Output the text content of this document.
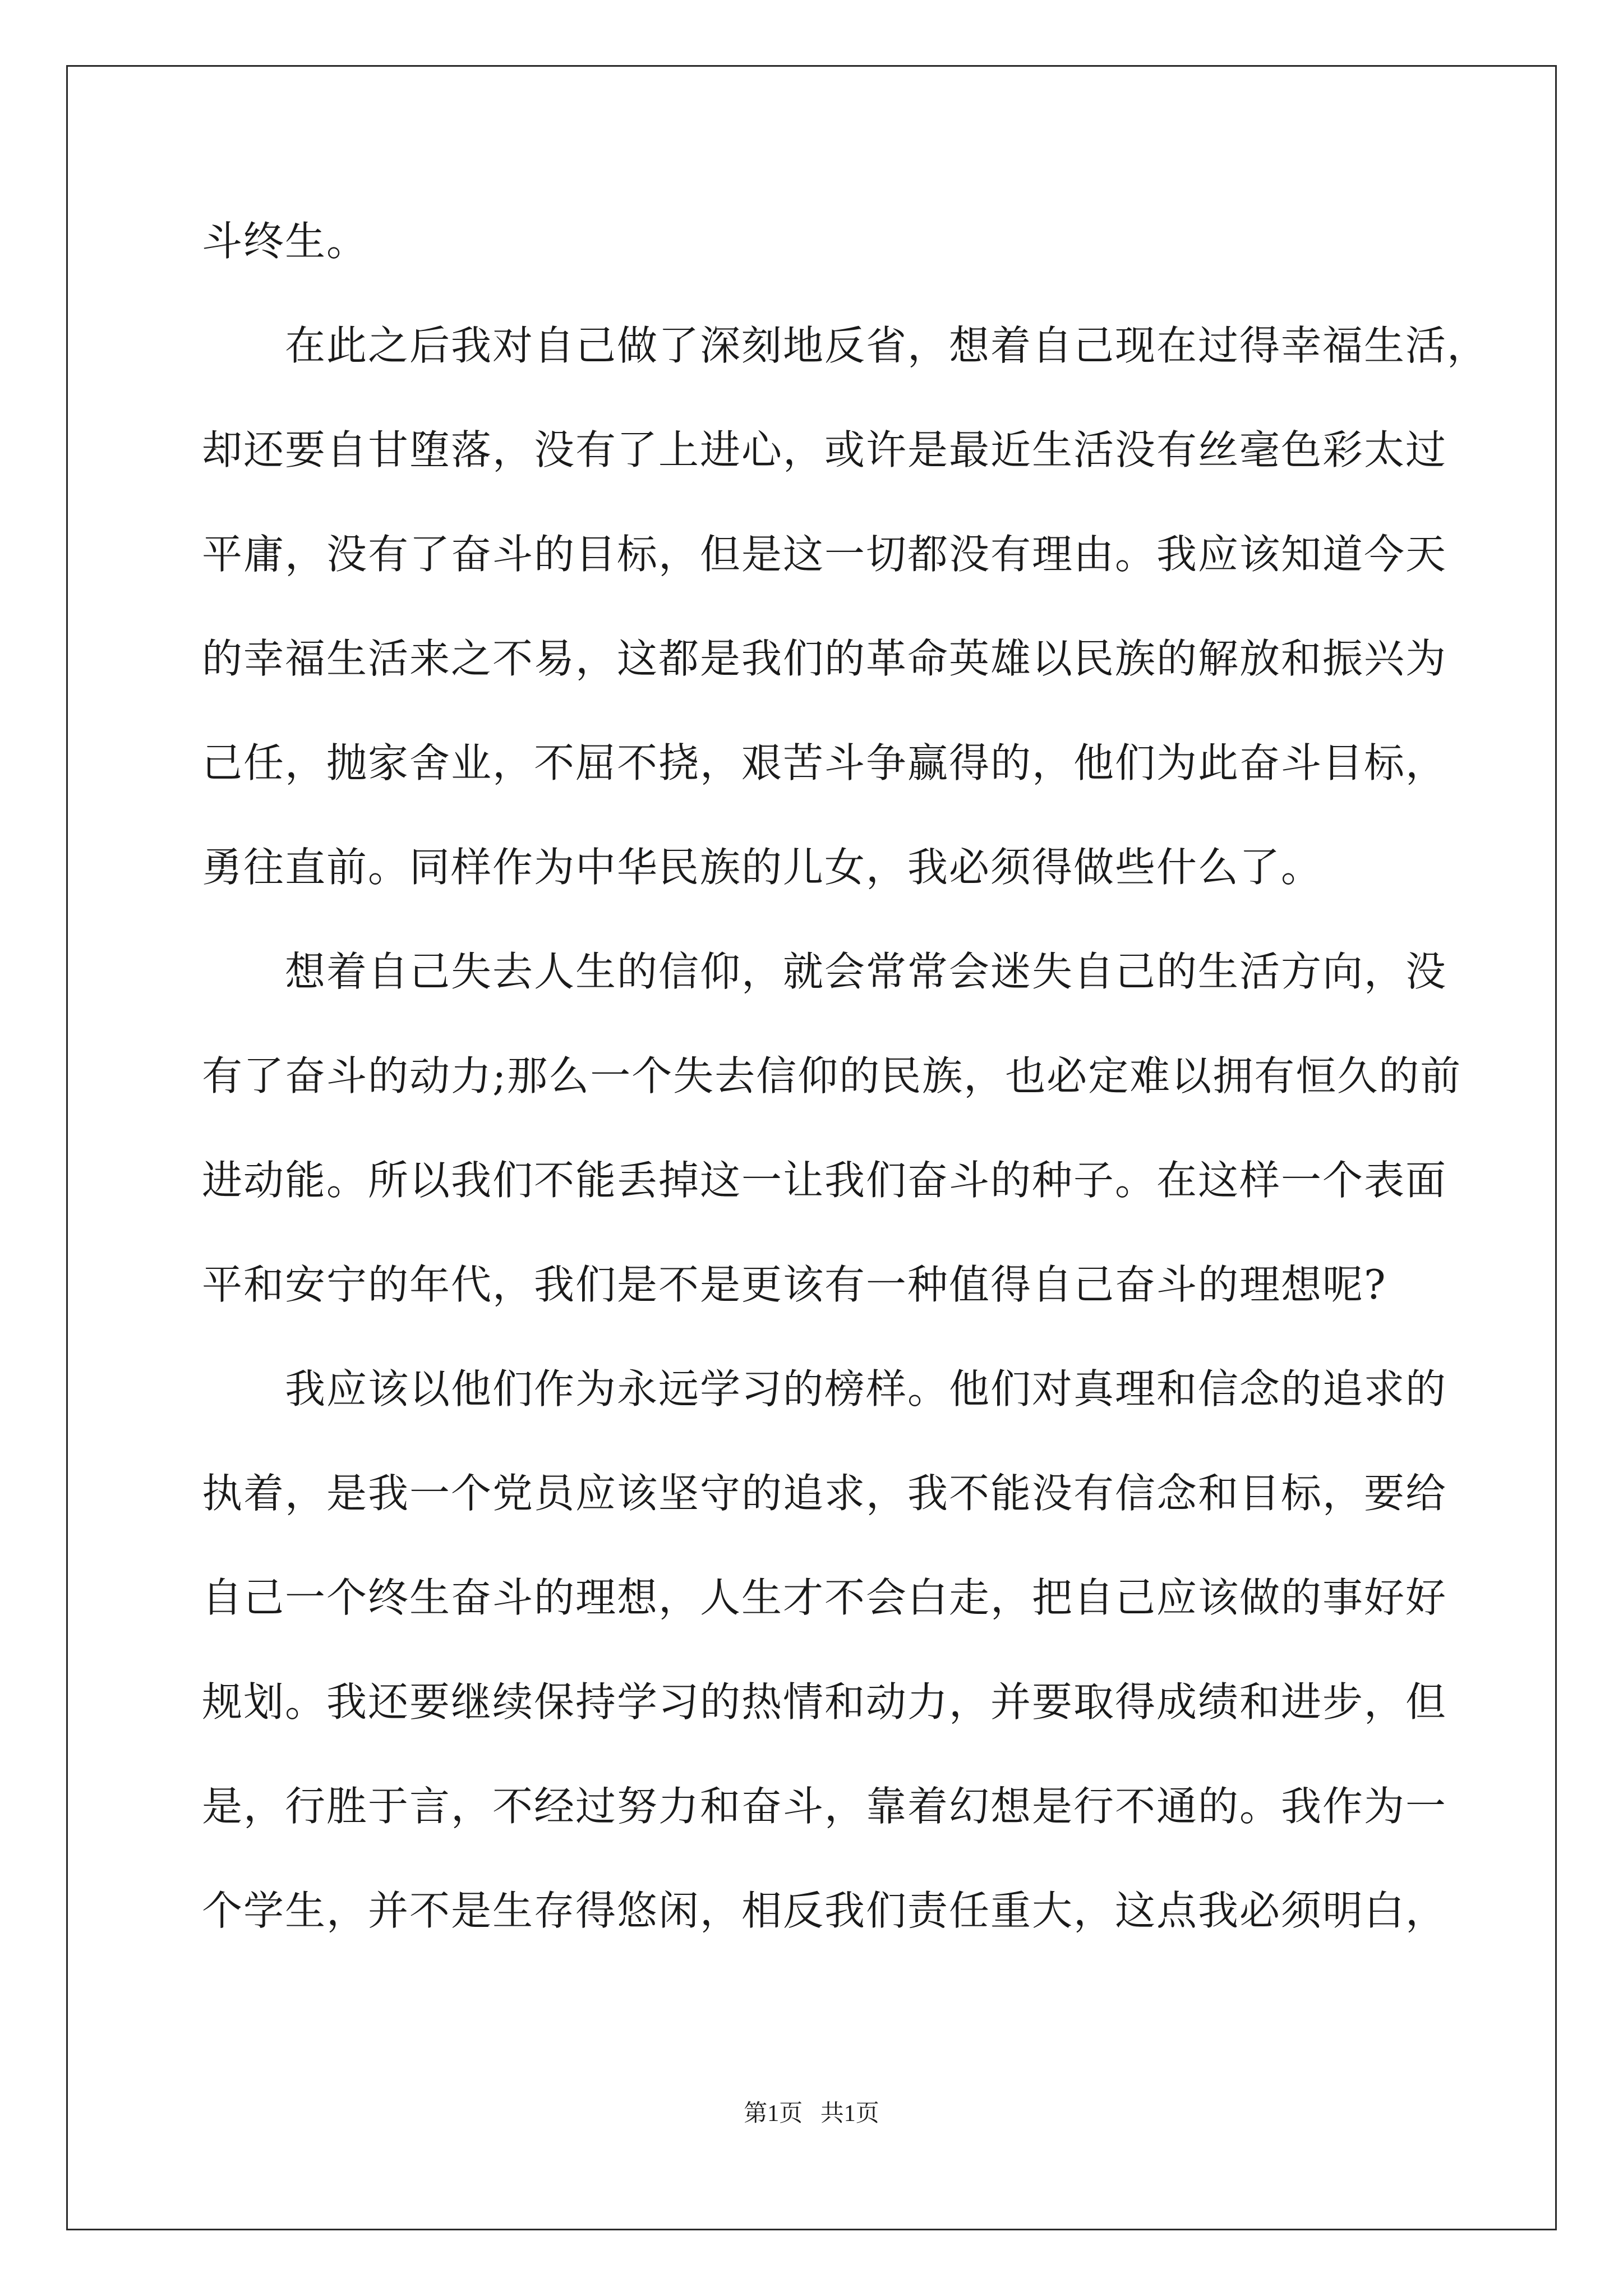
斗终生。
　　在此之后我对自己做了深刻地反省，想着自己现在过得幸福生活，
却还要自甘堕落，没有了上进心，或许是最近生活没有丝毫色彩太过
平庸，没有了奋斗的目标，但是这一切都没有理由。我应该知道今天
的幸福生活来之不易，这都是我们的革命英雄以民族的解放和振兴为
己任，抛家舍业，不屈不挠，艰苦斗争赢得的，他们为此奋斗目标，
勇往直前。同样作为中华民族的儿女，我必须得做些什么了。
　　想着自己失去人生的信仰，就会常常会迷失自己的生活方向，没
有了奋斗的动力;那么一个失去信仰的民族，也必定难以拥有恒久的前
进动能。所以我们不能丢掉这一让我们奋斗的种子。在这样一个表面
平和安宁的年代，我们是不是更该有一种值得自己奋斗的理想呢?
　　我应该以他们作为永远学习的榜样。他们对真理和信念的追求的
执着，是我一个党员应该坚守的追求，我不能没有信念和目标，要给
自己一个终生奋斗的理想，人生才不会白走，把自己应该做的事好好
规划。我还要继续保持学习的热情和动力，并要取得成绩和进步，但
是，行胜于言，不经过努力和奋斗，靠着幻想是行不通的。我作为一
个学生，并不是生存得悠闲，相反我们责任重大，这点我必须明白，
第1页 共1页
